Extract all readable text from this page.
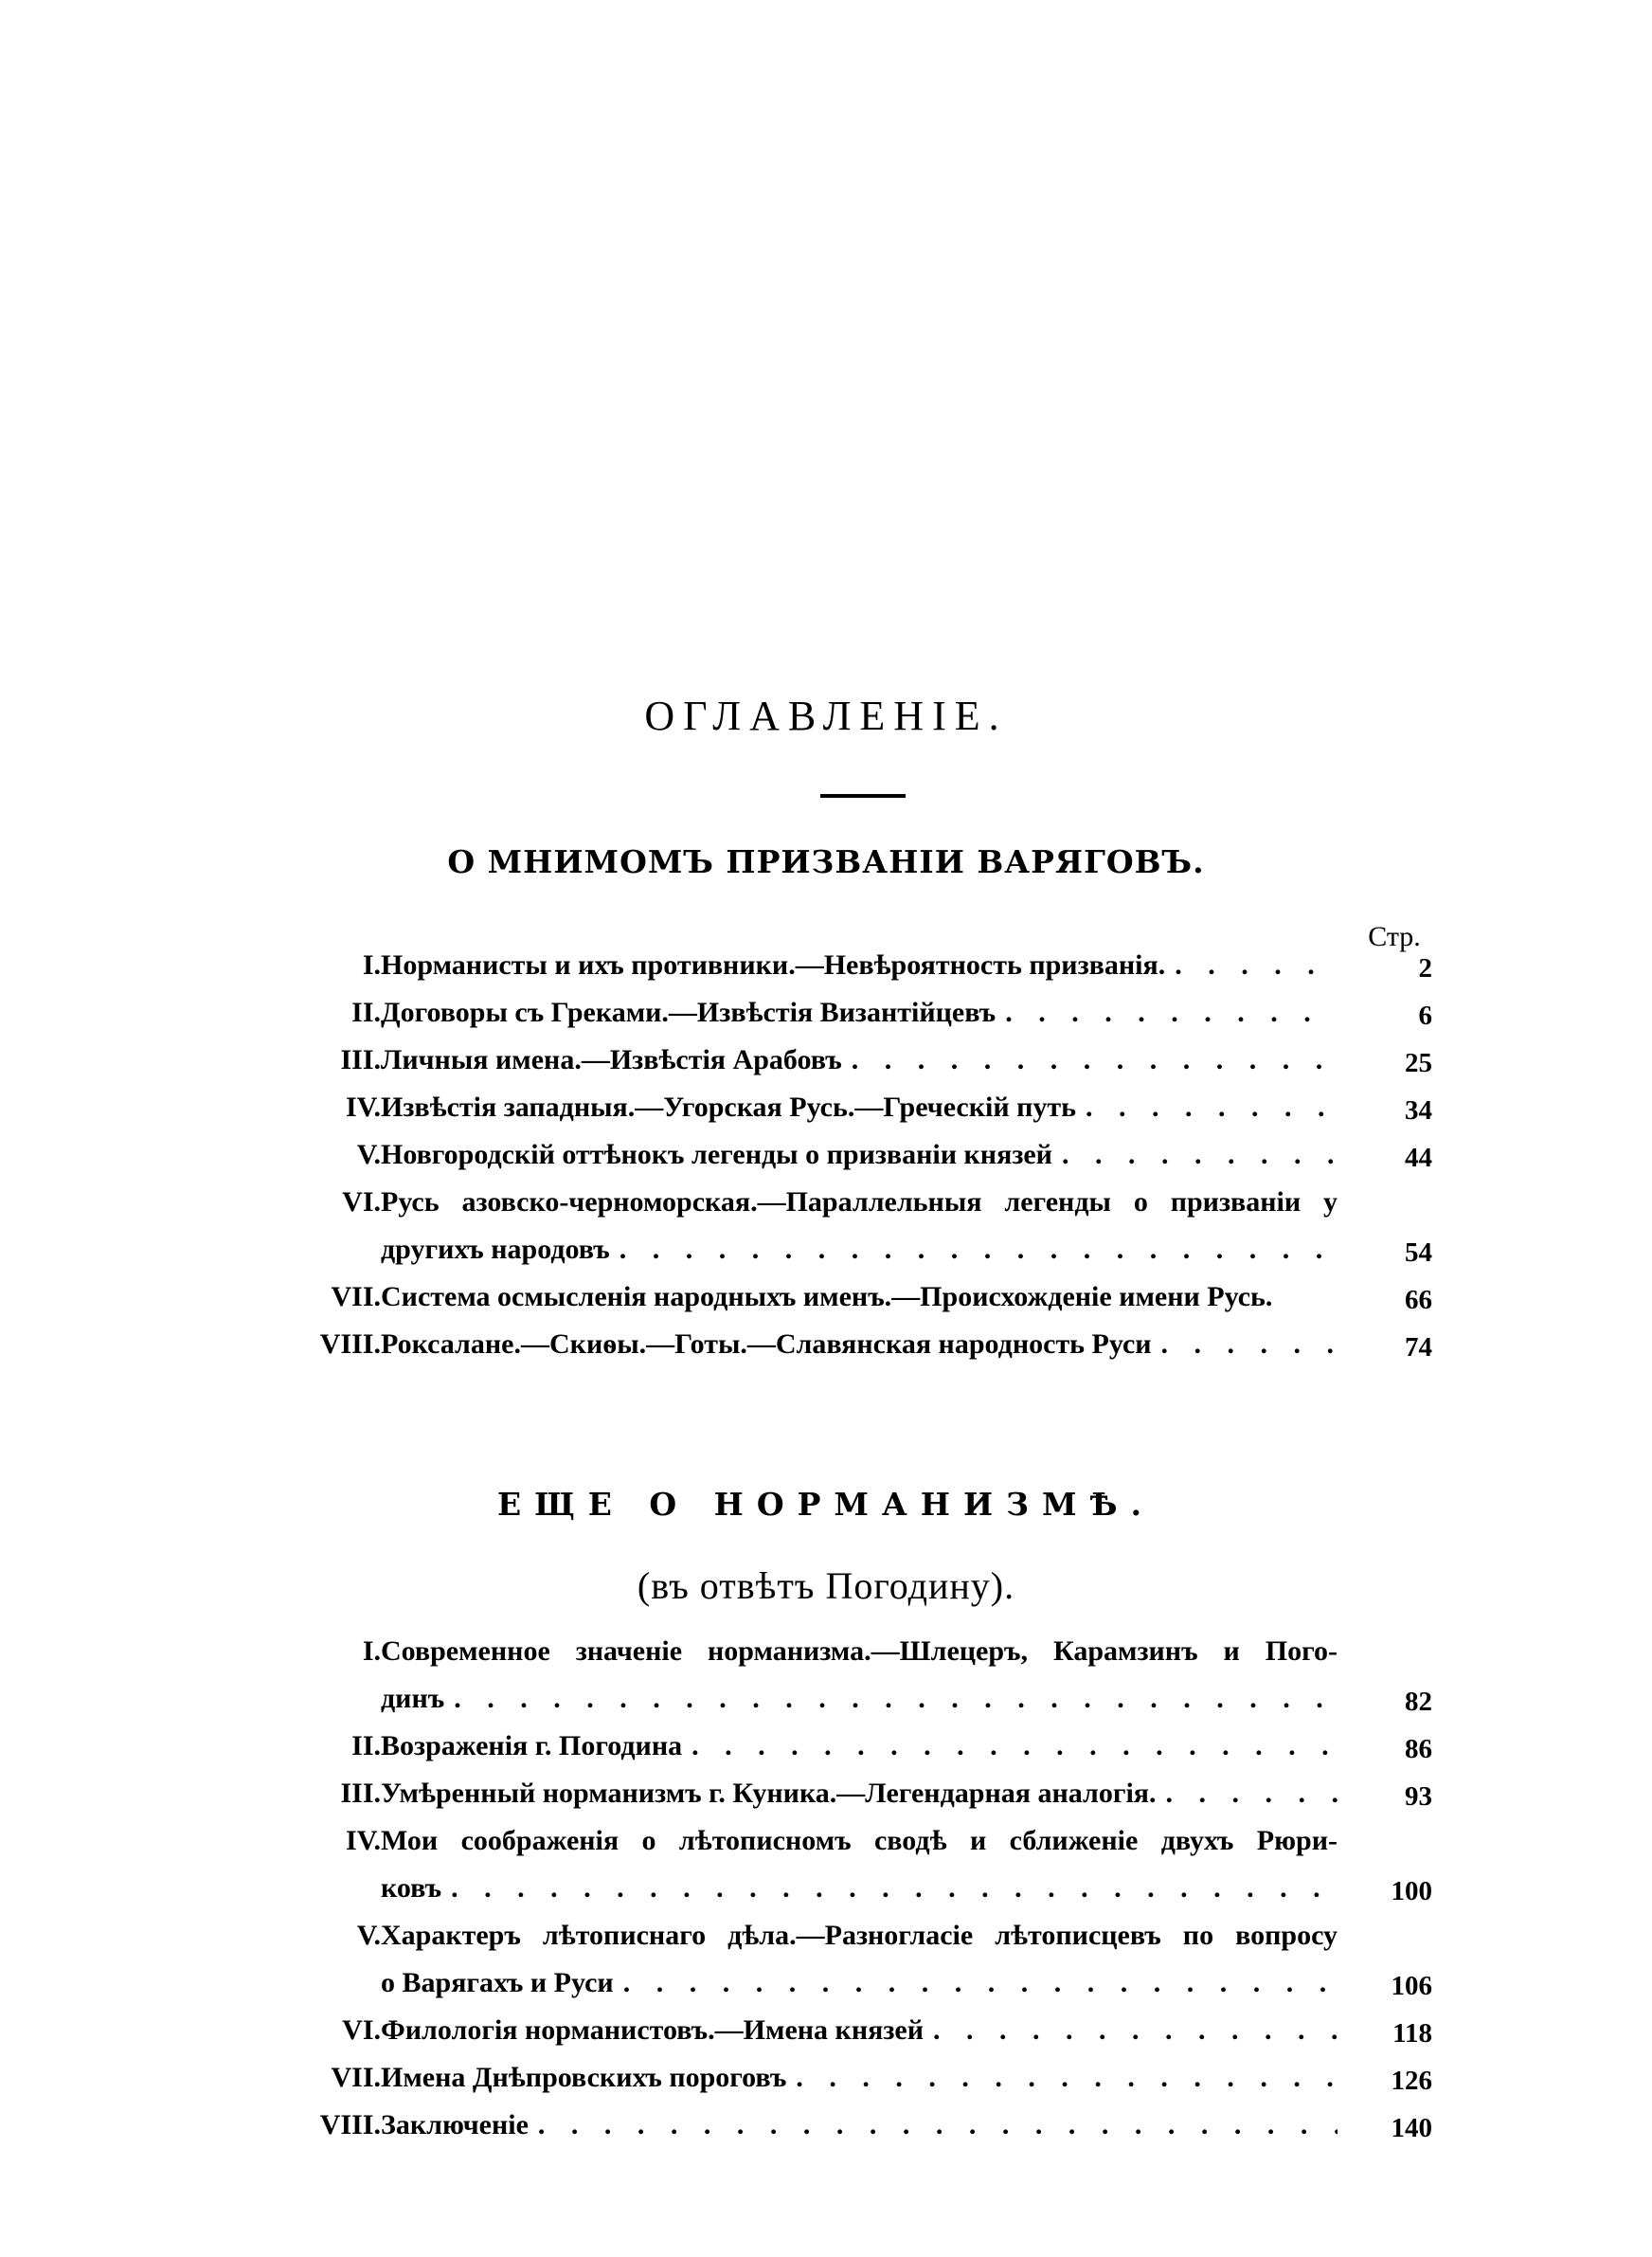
ОГЛАВЛЕНІЕ.
О МНИМОМЪ ПРИЗВАНІИ ВАРЯГОВЪ.
Стр.
I. Норманисты и ихъ противники.—Невѣроятность призванія. . . .	2
II. Договоры съ Греками.—Извѣстія Византійцевъ . . .	6
III. Личныя имена.—Извѣстія Арабовъ . . .	25
IV. Извѣстія западныя.—Угорская Русь.—Греческій путь . . .	34
V. Новгородскій оттѣнокъ легенды о призваніи князей . . .	44
VI. Русь азовско-черноморская.—Параллельныя легенды о призваніи у
другихъ народовъ . . .	54
VII. Система осмысленія народныхъ именъ.—Происхожденіе имени Русь.	66
VIII. Роксалане.—Скиѳы.—Готы.—Славянская народность Руси . . .	74
ЕЩЕ О НОРМАНИЗМѢ.
(въ отвѣтъ Погодину).
I. Современное значеніе норманизма.—Шлецеръ, Карамзинъ и Пого-
динъ . . .	82
II. Возраженія г. Погодина . . .	86
III. Умѣренный норманизмъ г. Куника.—Легендарная аналогія. . . .	93
IV. Мои соображенія о лѣтописномъ сводѣ и сближеніе двухъ Рюри-
ковъ . . .	100
V. Характеръ лѣтописнаго дѣла.—Разногласіе лѣтописцевъ по вопросу
о Варягахъ и Руси . . .	106
VI. Филологія норманистовъ.—Имена князей . . .	118
VII. Имена Днѣпровскихъ пороговъ . . .	126
VIII. Заключеніе . . .	140
